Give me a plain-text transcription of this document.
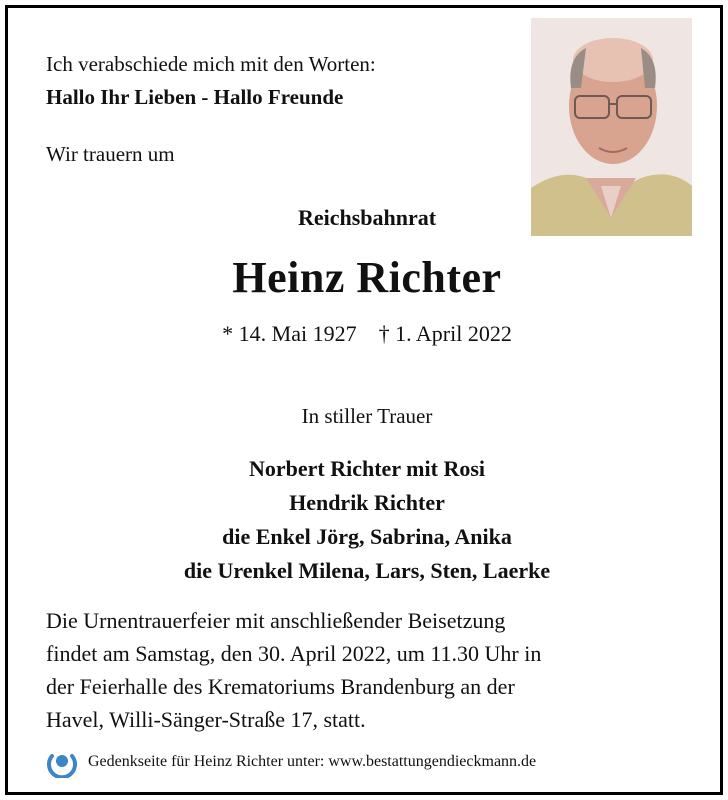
Ich verabschiede mich mit den Worten:
Hallo Ihr Lieben - Hallo Freunde
Wir trauern um
Reichsbahnrat
Heinz Richter
* 14. Mai 1927 † 1. April 2022
In stiller Trauer
Norbert Richter mit Rosi
Hendrik Richter
die Enkel Jörg, Sabrina, Anika
die Urenkel Milena, Lars, Sten, Laerke
Die Urnentrauerfeier mit anschließender Beisetzung
findet am Samstag, den 30. April 2022, um 11.30 Uhr in
der Feierhalle des Krematoriums Brandenburg an der
Havel, Willi-Sänger-Straße 17, statt.
Gedenkseite für Heinz Richter unter: www.bestattungendieckmann.de
